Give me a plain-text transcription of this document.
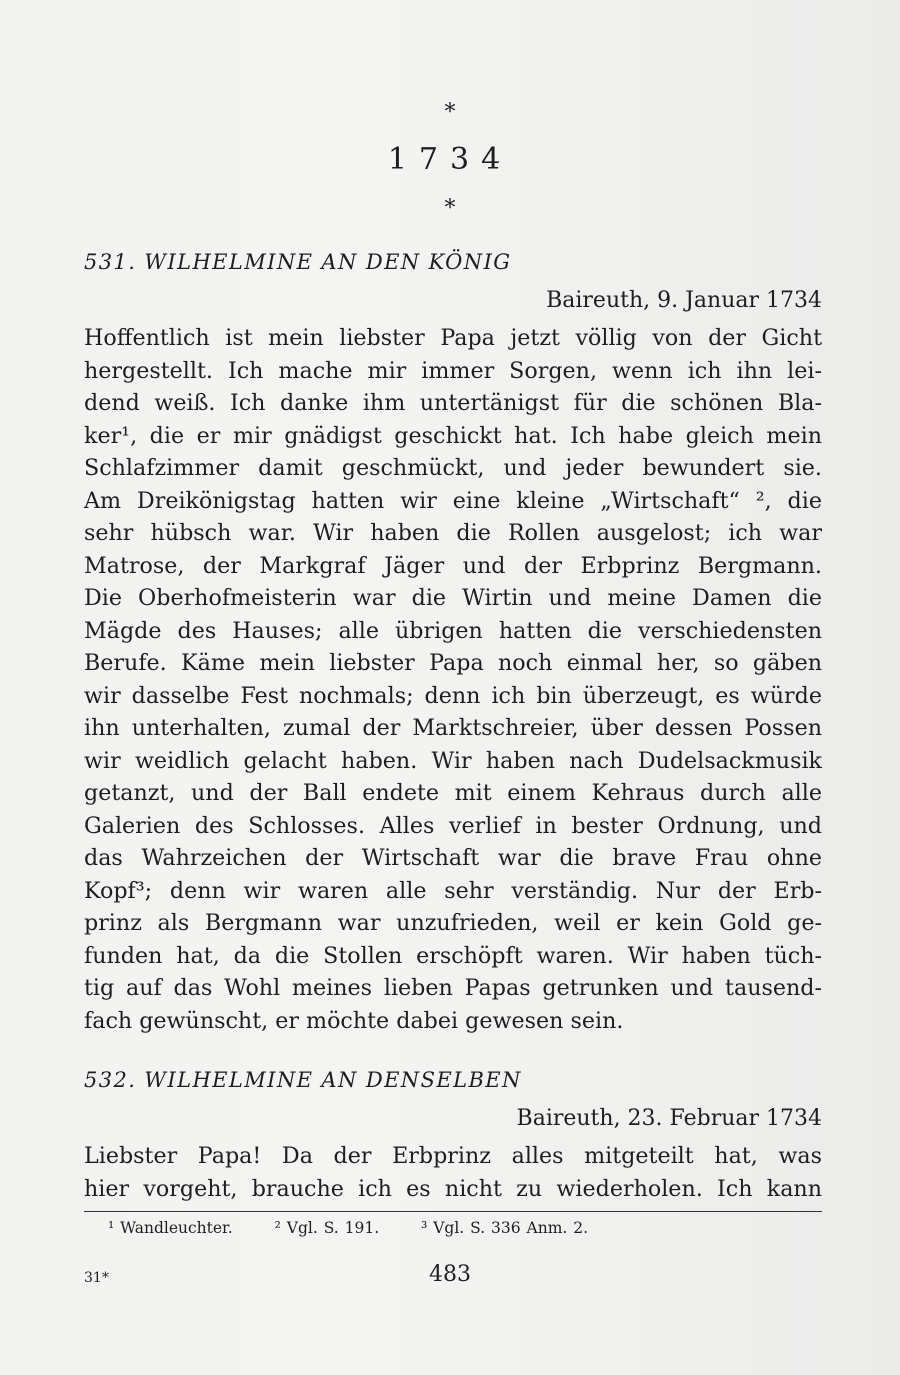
*
1734
*
531. WILHELMINE AN DEN KÖNIG
Baireuth, 9. Januar 1734
Hoffentlich ist mein liebster Papa jetzt völlig von der Gicht
hergestellt. Ich mache mir immer Sorgen, wenn ich ihn lei-
dend weiß. Ich danke ihm untertänigst für die schönen Bla-
ker¹, die er mir gnädigst geschickt hat. Ich habe gleich mein
Schlafzimmer damit geschmückt, und jeder bewundert sie.
Am Dreikönigstag hatten wir eine kleine „Wirtschaft“ ², die
sehr hübsch war. Wir haben die Rollen ausgelost; ich war
Matrose, der Markgraf Jäger und der Erbprinz Bergmann.
Die Oberhofmeisterin war die Wirtin und meine Damen die
Mägde des Hauses; alle übrigen hatten die verschiedensten
Berufe. Käme mein liebster Papa noch einmal her, so gäben
wir dasselbe Fest nochmals; denn ich bin überzeugt, es würde
ihn unterhalten, zumal der Marktschreier, über dessen Possen
wir weidlich gelacht haben. Wir haben nach Dudelsackmusik
getanzt, und der Ball endete mit einem Kehraus durch alle
Galerien des Schlosses. Alles verlief in bester Ordnung, und
das Wahrzeichen der Wirtschaft war die brave Frau ohne
Kopf³; denn wir waren alle sehr verständig. Nur der Erb-
prinz als Bergmann war unzufrieden, weil er kein Gold ge-
funden hat, da die Stollen erschöpft waren. Wir haben tüch-
tig auf das Wohl meines lieben Papas getrunken und tausend-
fach gewünscht, er möchte dabei gewesen sein.
532. WILHELMINE AN DENSELBEN
Baireuth, 23. Februar 1734
Liebster Papa! Da der Erbprinz alles mitgeteilt hat, was
hier vorgeht, brauche ich es nicht zu wiederholen. Ich kann
¹ Wandleuchter.	² Vgl. S. 191.	³ Vgl. S. 336 Anm. 2.
31*	483
